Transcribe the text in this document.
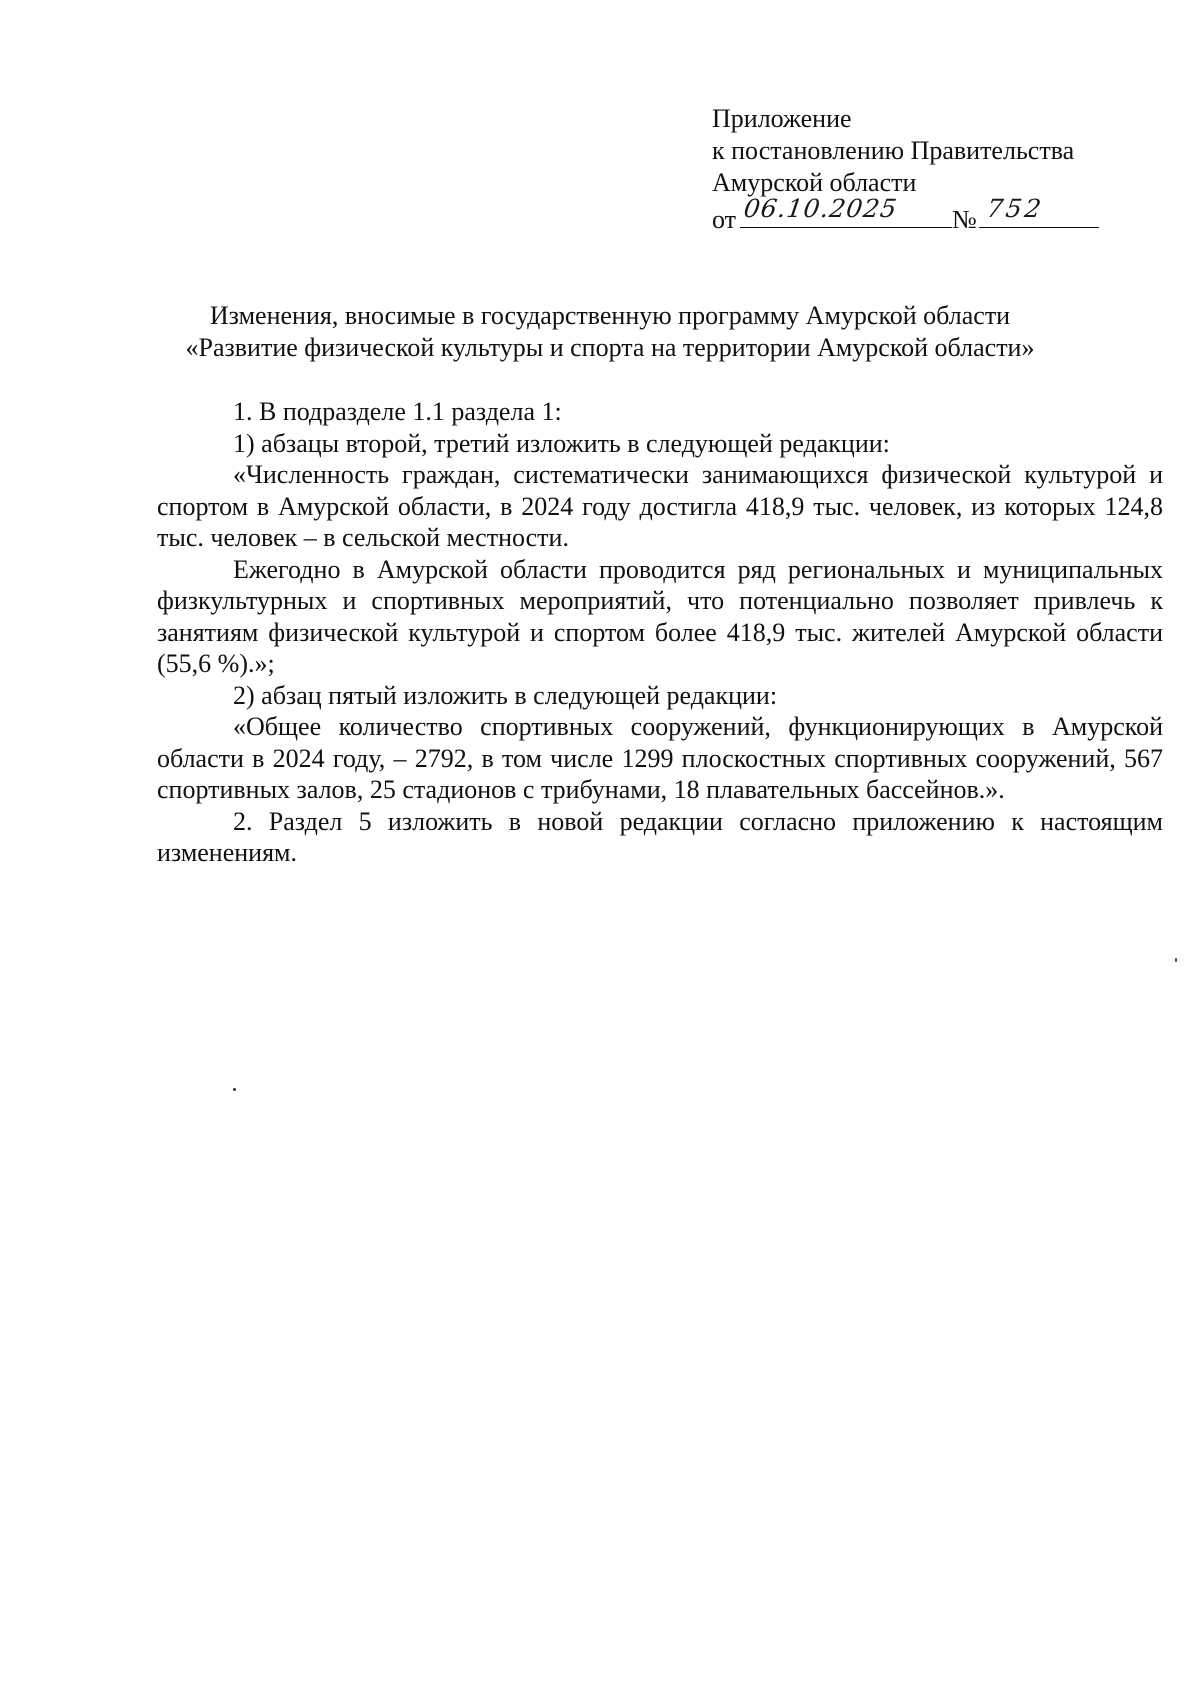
Приложение
к постановлению Правительства
Амурской области
от 06.10.2025 № 752
Изменения, вносимые в государственную программу Амурской области
«Развитие физической культуры и спорта на территории Амурской области»

1. В подразделе 1.1 раздела 1:

1) абзацы второй, третий изложить в следующей редакции:

«Численность граждан, систематически занимающихся физической культурой и спортом в Амурской области, в 2024 году достигла 418,9 тыс. человек, из которых 124,8 тыс. человек – в сельской местности.

Ежегодно в Амурской области проводится ряд региональных и муниципальных физкультурных и спортивных мероприятий, что потенциально позволяет привлечь к занятиям физической культурой и спортом более 418,9 тыс. жителей Амурской области (55,6 %).»;

2) абзац пятый изложить в следующей редакции:

«Общее количество спортивных сооружений, функционирующих в Амурской области в 2024 году, – 2792, в том числе 1299 плоскостных спортивных сооружений, 567 спортивных залов, 25 стадионов с трибунами, 18 плавательных бассейнов.».

2. Раздел 5 изложить в новой редакции согласно приложению к настоящим изменениям.
